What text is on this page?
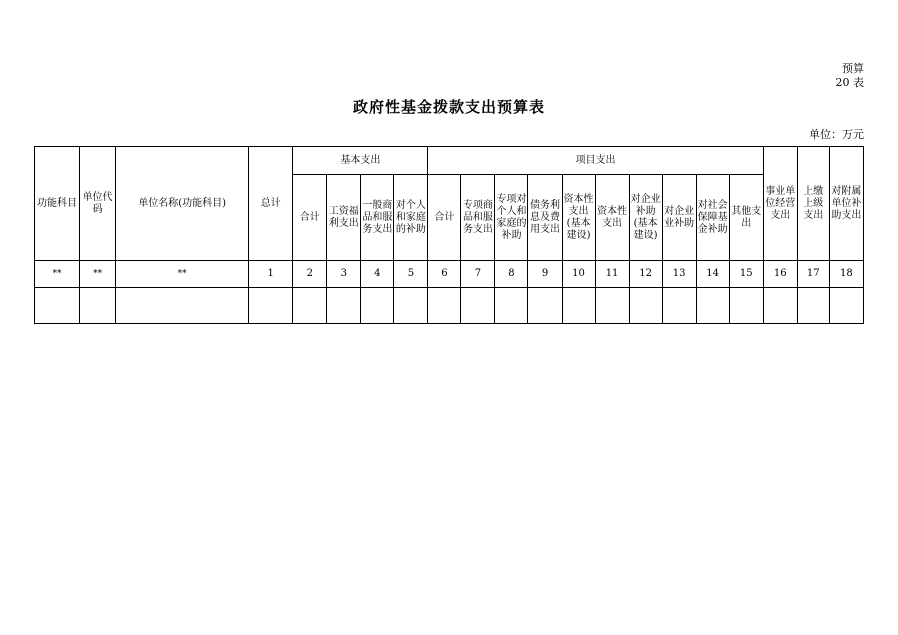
预算
20 表
政府性基金拨款支出预算表
单位：万元
功能科目	单位代码	单位名称(功能科目)	总计	基本支出				项目支出										事业单位经营支出	上缴上级支出	对附属单位补助支出
				合计	工资福利支出	一般商品和服务支出	对个人和家庭的补助	合计	专项商品和服务支出	专项对个人和家庭的补助	债务利息及费用支出	资本性支出(基本建设)	资本性支出	对企业补助(基本建设)	对企业业补助	对社会保障基金补助	其他支出			
**	**	**	1	2	3	4	5	6	7	8	9	10	11	12	13	14	15	16	17	18
